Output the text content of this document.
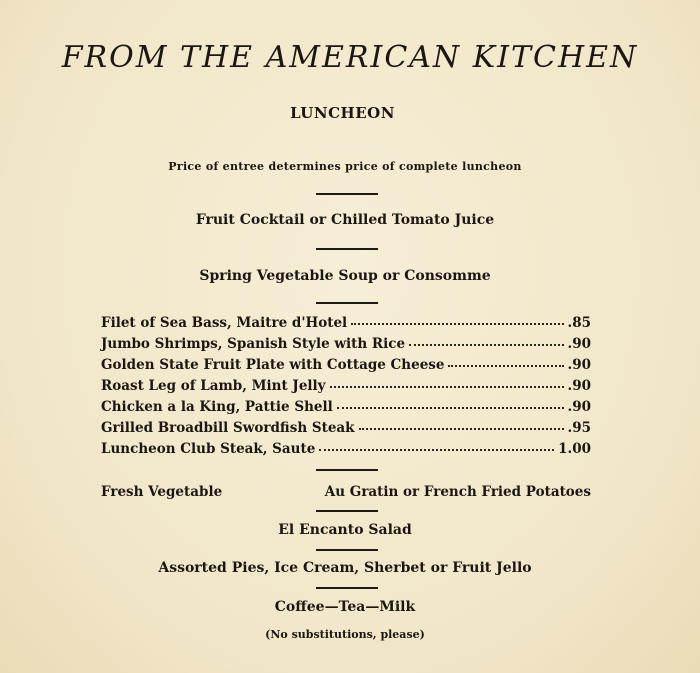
FROM THE AMERICAN KITCHEN
LUNCHEON
Price of entree determines price of complete luncheon
Fruit Cocktail or Chilled Tomato Juice
Spring Vegetable Soup or Consomme
Filet of Sea Bass, Maitre d'Hotel	.85
Jumbo Shrimps, Spanish Style with Rice	.90
Golden State Fruit Plate with Cottage Cheese	.90
Roast Leg of Lamb, Mint Jelly	.90
Chicken a la King, Pattie Shell	.90
Grilled Broadbill Swordfish Steak	.95
Luncheon Club Steak, Saute	1.00
Fresh Vegetable	Au Gratin or French Fried Potatoes
El Encanto Salad
Assorted Pies, Ice Cream, Sherbet or Fruit Jello
Coffee—Tea—Milk
(No substitutions, please)
